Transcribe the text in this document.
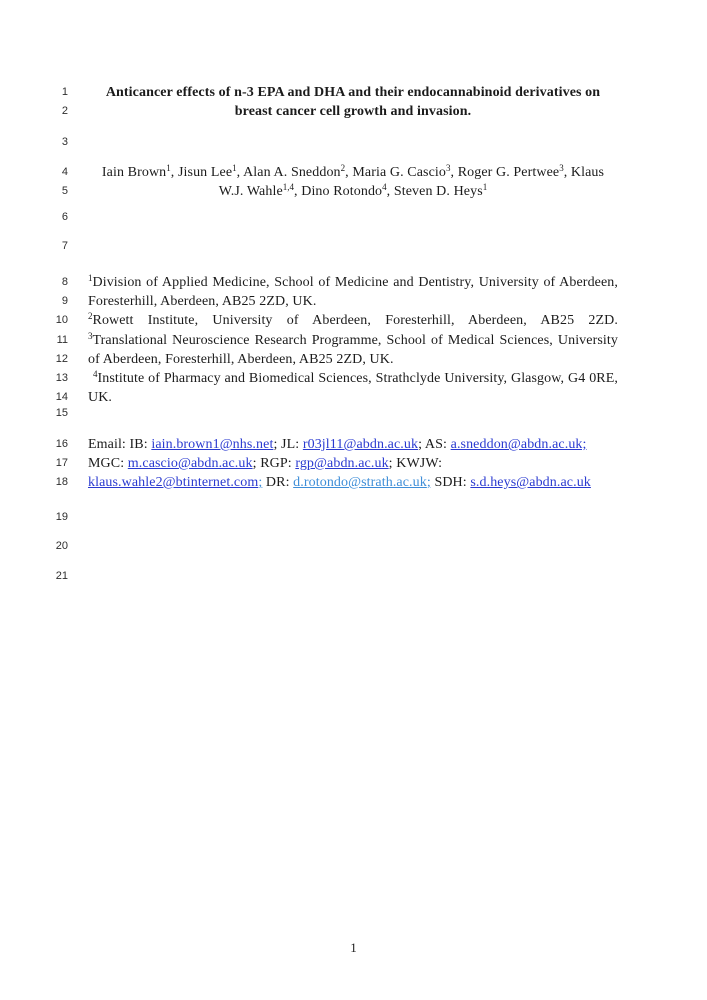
1
1	Anticancer effects of n-3 EPA and DHA and their endocannabinoid derivatives on
2	breast cancer cell growth and invasion.
3
4	Iain Brown$^1$, Jisun Lee$^1$, Alan A. Sneddon$^2$, Maria G. Cascio$^3$, Roger G. Pertwee$^3$, Klaus
5	W.J. Wahle$^{1,4}$, Dino Rotondo$^4$, Steven D. Heys$^1$
6
7
8 $^1$Division of Applied Medicine, School of Medicine and Dentistry, University of Aberdeen,
9 Foresterhill, Aberdeen, AB25 2ZD, UK.
10 $^2$Rowett Institute, University of Aberdeen, Foresterhill, Aberdeen, AB25 2ZD.
11 $^3$Translational Neuroscience Research Programme, School of Medical Sciences, University
12 of Aberdeen, Foresterhill, Aberdeen, AB25 2ZD, UK.
13	$^4$Institute of Pharmacy and Biomedical Sciences, Strathclyde University, Glasgow, G4 0RE,
14 UK.
15
16 Email: IB: iain.brown1@nhs.net; JL: r03jl11@abdn.ac.uk; AS: a.sneddon@abdn.ac.uk;
17 MGC: m.cascio@abdn.ac.uk; RGP: rgp@abdn.ac.uk; KWJW:
18 klaus.wahle2@btinternet.com; DR: d.rotondo@strath.ac.uk; SDH: s.d.heys@abdn.ac.uk
19
20
21
